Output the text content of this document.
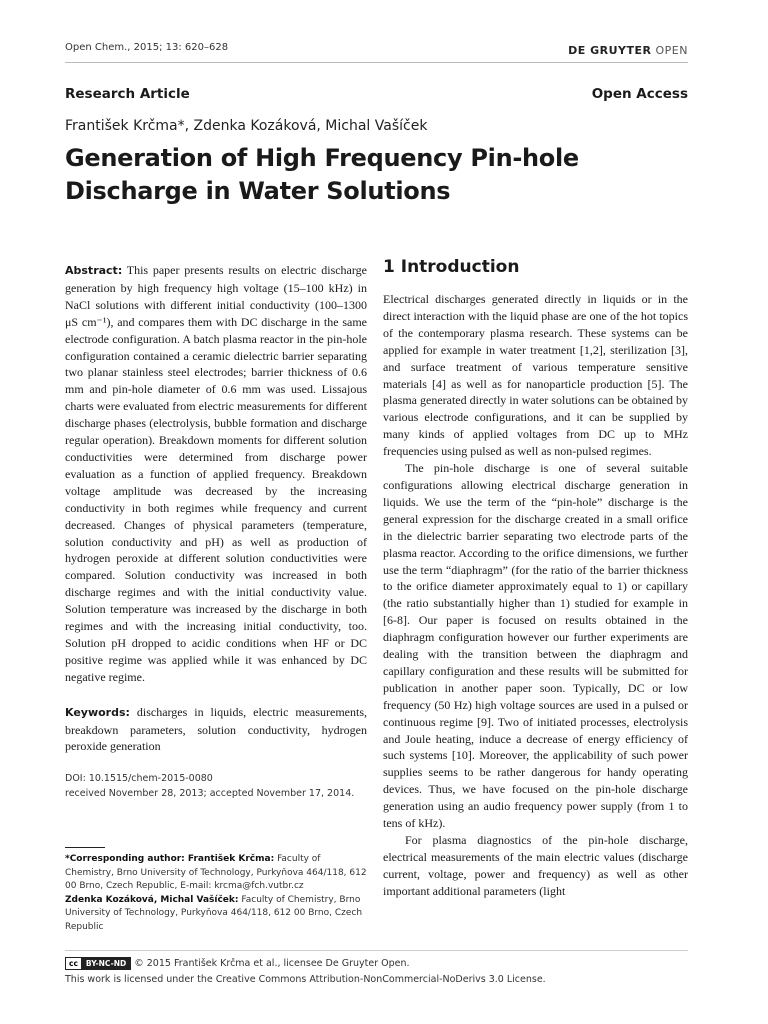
Open Chem., 2015; 13: 620–628	DE GRUYTER OPEN
Research Article	Open Access
František Krčma*, Zdenka Kozáková, Michal Vašíček
Generation of High Frequency Pin-hole Discharge in Water Solutions

Abstract: This paper presents results on electric discharge generation by high frequency high voltage (15–100 kHz) in NaCl solutions with different initial conductivity (100–1300 μS cm⁻¹), and compares them with DC discharge in the same electrode configuration. A batch plasma reactor in the pin-hole configuration contained a ceramic dielectric barrier separating two planar stainless steel electrodes; barrier thickness of 0.6 mm and pin-hole diameter of 0.6 mm was used. Lissajous charts were evaluated from electric measurements for different discharge phases (electrolysis, bubble formation and discharge regular operation). Breakdown moments for different solution conductivities were determined from discharge power evaluation as a function of applied frequency. Breakdown voltage amplitude was decreased by the increasing conductivity in both regimes while frequency and current decreased. Changes of physical parameters (temperature, solution conductivity and pH) as well as production of hydrogen peroxide at different solution conductivities were compared. Solution conductivity was increased in both discharge regimes and with the initial conductivity value. Solution temperature was increased by the discharge in both regimes and with the increasing initial conductivity, too. Solution pH dropped to acidic conditions when HF or DC positive regime was applied while it was enhanced by DC negative regime.

Keywords: discharges in liquids, electric measurements, breakdown parameters, solution conductivity, hydrogen peroxide generation

DOI: 10.1515/chem-2015-0080
received November 28, 2013; accepted November 17, 2014.

*Corresponding author: František Krčma: Faculty of Chemistry, Brno University of Technology, Purkyňova 464/118, 612 00 Brno, Czech Republic, E-mail: krcma@fch.vutbr.cz

Zdenka Kozáková, Michal Vašíček: Faculty of Chemistry, Brno University of Technology, Purkyňova 464/118, 612 00 Brno, Czech Republic

1 Introduction

Electrical discharges generated directly in liquids or in the direct interaction with the liquid phase are one of the hot topics of the contemporary plasma research. These systems can be applied for example in water treatment [1,2], sterilization [3], and surface treatment of various temperature sensitive materials [4] as well as for nanoparticle production [5]. The plasma generated directly in water solutions can be obtained by various electrode configurations, and it can be supplied by many kinds of applied voltages from DC up to MHz frequencies using pulsed as well as non-pulsed regimes.

The pin-hole discharge is one of several suitable configurations allowing electrical discharge generation in liquids. We use the term of the “pin-hole” discharge is the general expression for the discharge created in a small orifice in the dielectric barrier separating two electrode parts of the plasma reactor. According to the orifice dimensions, we further use the term “diaphragm” (for the ratio of the barrier thickness to the orifice diameter approximately equal to 1) or capillary (the ratio substantially higher than 1) studied for example in [6-8]. Our paper is focused on results obtained in the diaphragm configuration however our further experiments are dealing with the transition between the diaphragm and capillary configuration and these results will be submitted for publication in another paper soon. Typically, DC or low frequency (50 Hz) high voltage sources are used in a pulsed or continuous regime [9]. Two of initiated processes, electrolysis and Joule heating, induce a decrease of energy efficiency of such systems [10]. Moreover, the applicability of such power supplies seems to be rather dangerous for handy operating devices. Thus, we have focused on the pin-hole discharge generation using an audio frequency power supply (from 1 to tens of kHz).

For plasma diagnostics of the pin-hole discharge, electrical measurements of the main electric values (discharge current, voltage, power and frequency) as well as other important additional parameters (light

cc	BY-NC-ND © 2015 František Krčma et al., licensee De Gruyter Open.
This work is licensed under the Creative Commons Attribution-NonCommercial-NoDerivs 3.0 License.
